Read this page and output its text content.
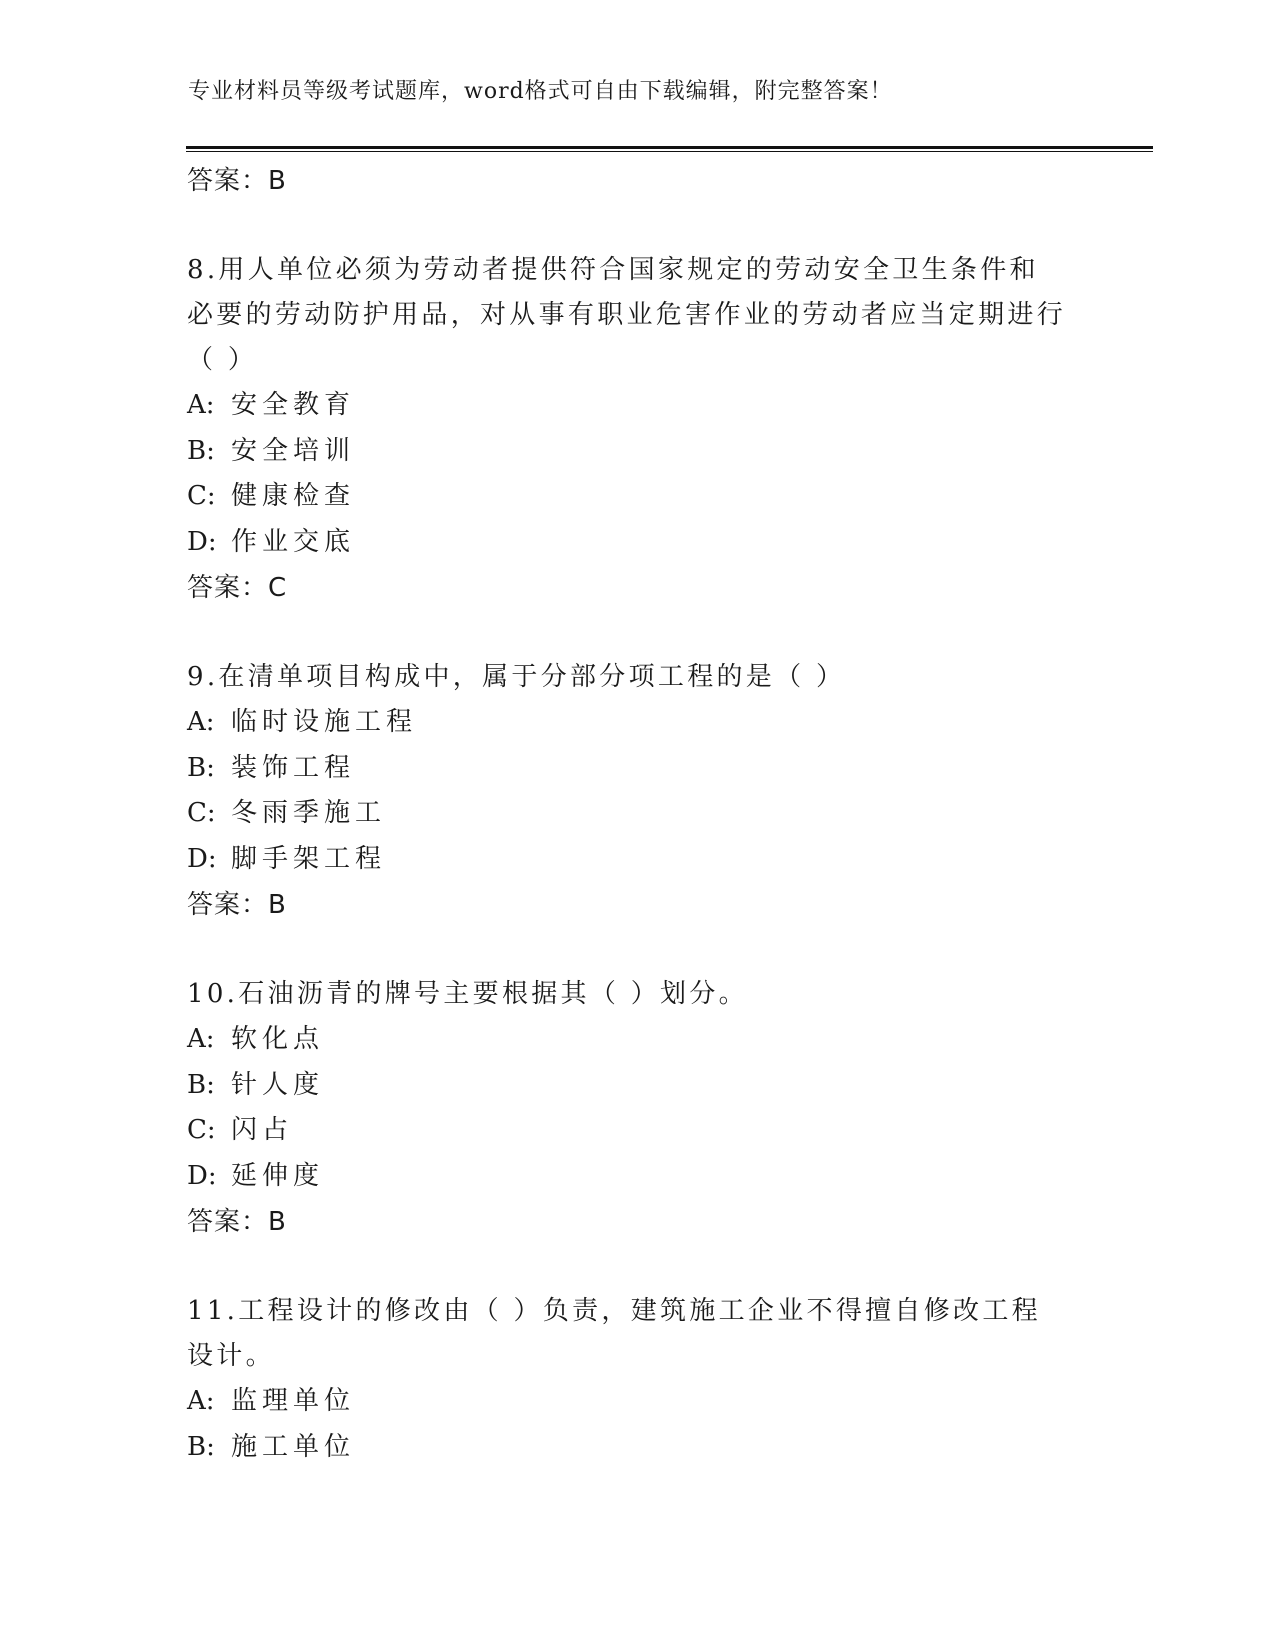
专业材料员等级考试题库，word格式可自由下载编辑，附完整答案！
答案：B

8.用人单位必须为劳动者提供符合国家规定的劳动安全卫生条件和必要的劳动防护用品，对从事有职业危害作业的劳动者应当定期进行（ ）

A: 安全教育
B: 安全培训
C: 健康检查
D: 作业交底
答案：C

9.在清单项目构成中，属于分部分项工程的是（ ）

A: 临时设施工程
B: 装饰工程
C: 冬雨季施工
D: 脚手架工程
答案：B

10.石油沥青的牌号主要根据其（ ）划分。

A: 软化点
B: 针人度
C: 闪占
D: 延伸度
答案：B

11.工程设计的修改由（ ）负责，建筑施工企业不得擅自修改工程设计。

A: 监理单位
B: 施工单位
